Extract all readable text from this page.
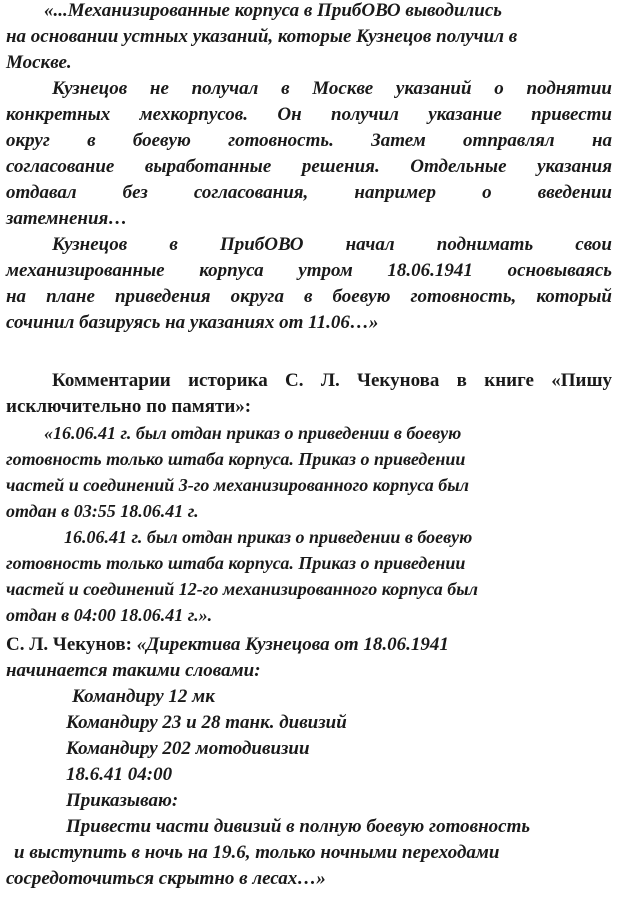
«...Механизированные корпуса в ПрибОВО выводились
на основании устных указаний, которые Кузнецов получил в
Москве.
Кузнецов не получал в Москве указаний о поднятии
конкретных мехкорпусов. Он получил указание привести
округ в боевую готовность. Затем отправлял на
согласование выработанные решения. Отдельные указания
отдавал без согласования, например о введении
затемнения…
Кузнецов в ПрибОВО начал поднимать свои
механизированные корпуса утром 18.06.1941 основываясь
на плане приведения округа в боевую готовность, который
сочинил базируясь на указаниях от 11.06…»
Комментарии историка С. Л. Чекунова в книге «Пишу
исключительно по памяти»:
«16.06.41 г. был отдан приказ о приведении в боевую
готовность только штаба корпуса. Приказ о приведении
частей и соединений 3-го механизированного корпуса был
отдан в 03:55 18.06.41 г.
16.06.41 г. был отдан приказ о приведении в боевую
готовность только штаба корпуса. Приказ о приведении
частей и соединений 12-го механизированного корпуса был
отдан в 04:00 18.06.41 г.».
С. Л. Чекунов: «Директива Кузнецова от 18.06.1941
начинается такими словами:
Командиру 12 мк
Командиру 23 и 28 танк. дивизий
Командиру 202 мотодивизии
18.6.41 04:00
Приказываю:
Привести части дивизий в полную боевую готовность
и выступить в ночь на 19.6, только ночными переходами
сосредоточиться скрытно в лесах…»
